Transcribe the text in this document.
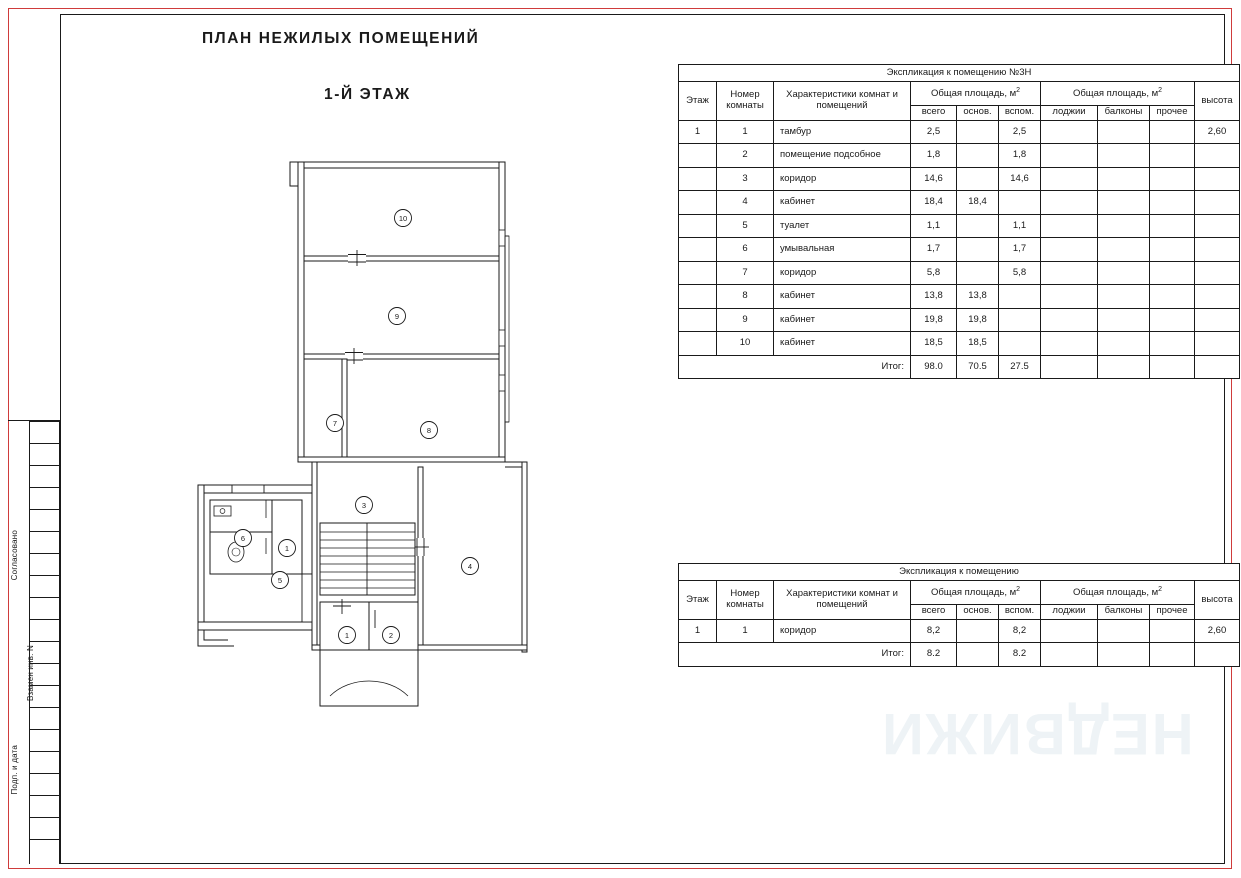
Согласовано
Взамен инв. N
Подп. и дата
ПЛАН НЕЖИЛЫХ ПОМЕЩЕНИЙ
1-Й ЭТАЖ
НЕДВИЖИ
10
9
7
8
3
6
1
5
4
1	2
Экспликация к помещению №3Н									
Этаж	Номер комнаты	Характеристики комнат и помещений	Общая площадь, $м^2$			Общая площадь, $м^2$			высота
			всего	основ.	вспом.	лоджии	балконы	прочее	
1	1	тамбур	2,5		2,5				2,60
	2	помещение подсобное	1,8		1,8				
	3	коридор	14,6		14,6				
	4	кабинет	18,4	18,4					
	5	туалет	1,1		1,1				
	6	умывальная	1,7		1,7				
	7	коридор	5,8		5,8				
	8	кабинет	13,8	13,8					
	9	кабинет	19,8	19,8					
	10	кабинет	18,5	18,5					
Итог:			98.0	70.5	27.5				
Экспликация к помещению									
Этаж	Номер комнаты	Характеристики комнат и помещений	Общая площадь, $м^2$			Общая площадь, $м^2$			высота
			всего	основ.	вспом.	лоджии	балконы	прочее	
1	1	коридор	8,2		8,2				2,60
Итог:			8.2		8.2				
